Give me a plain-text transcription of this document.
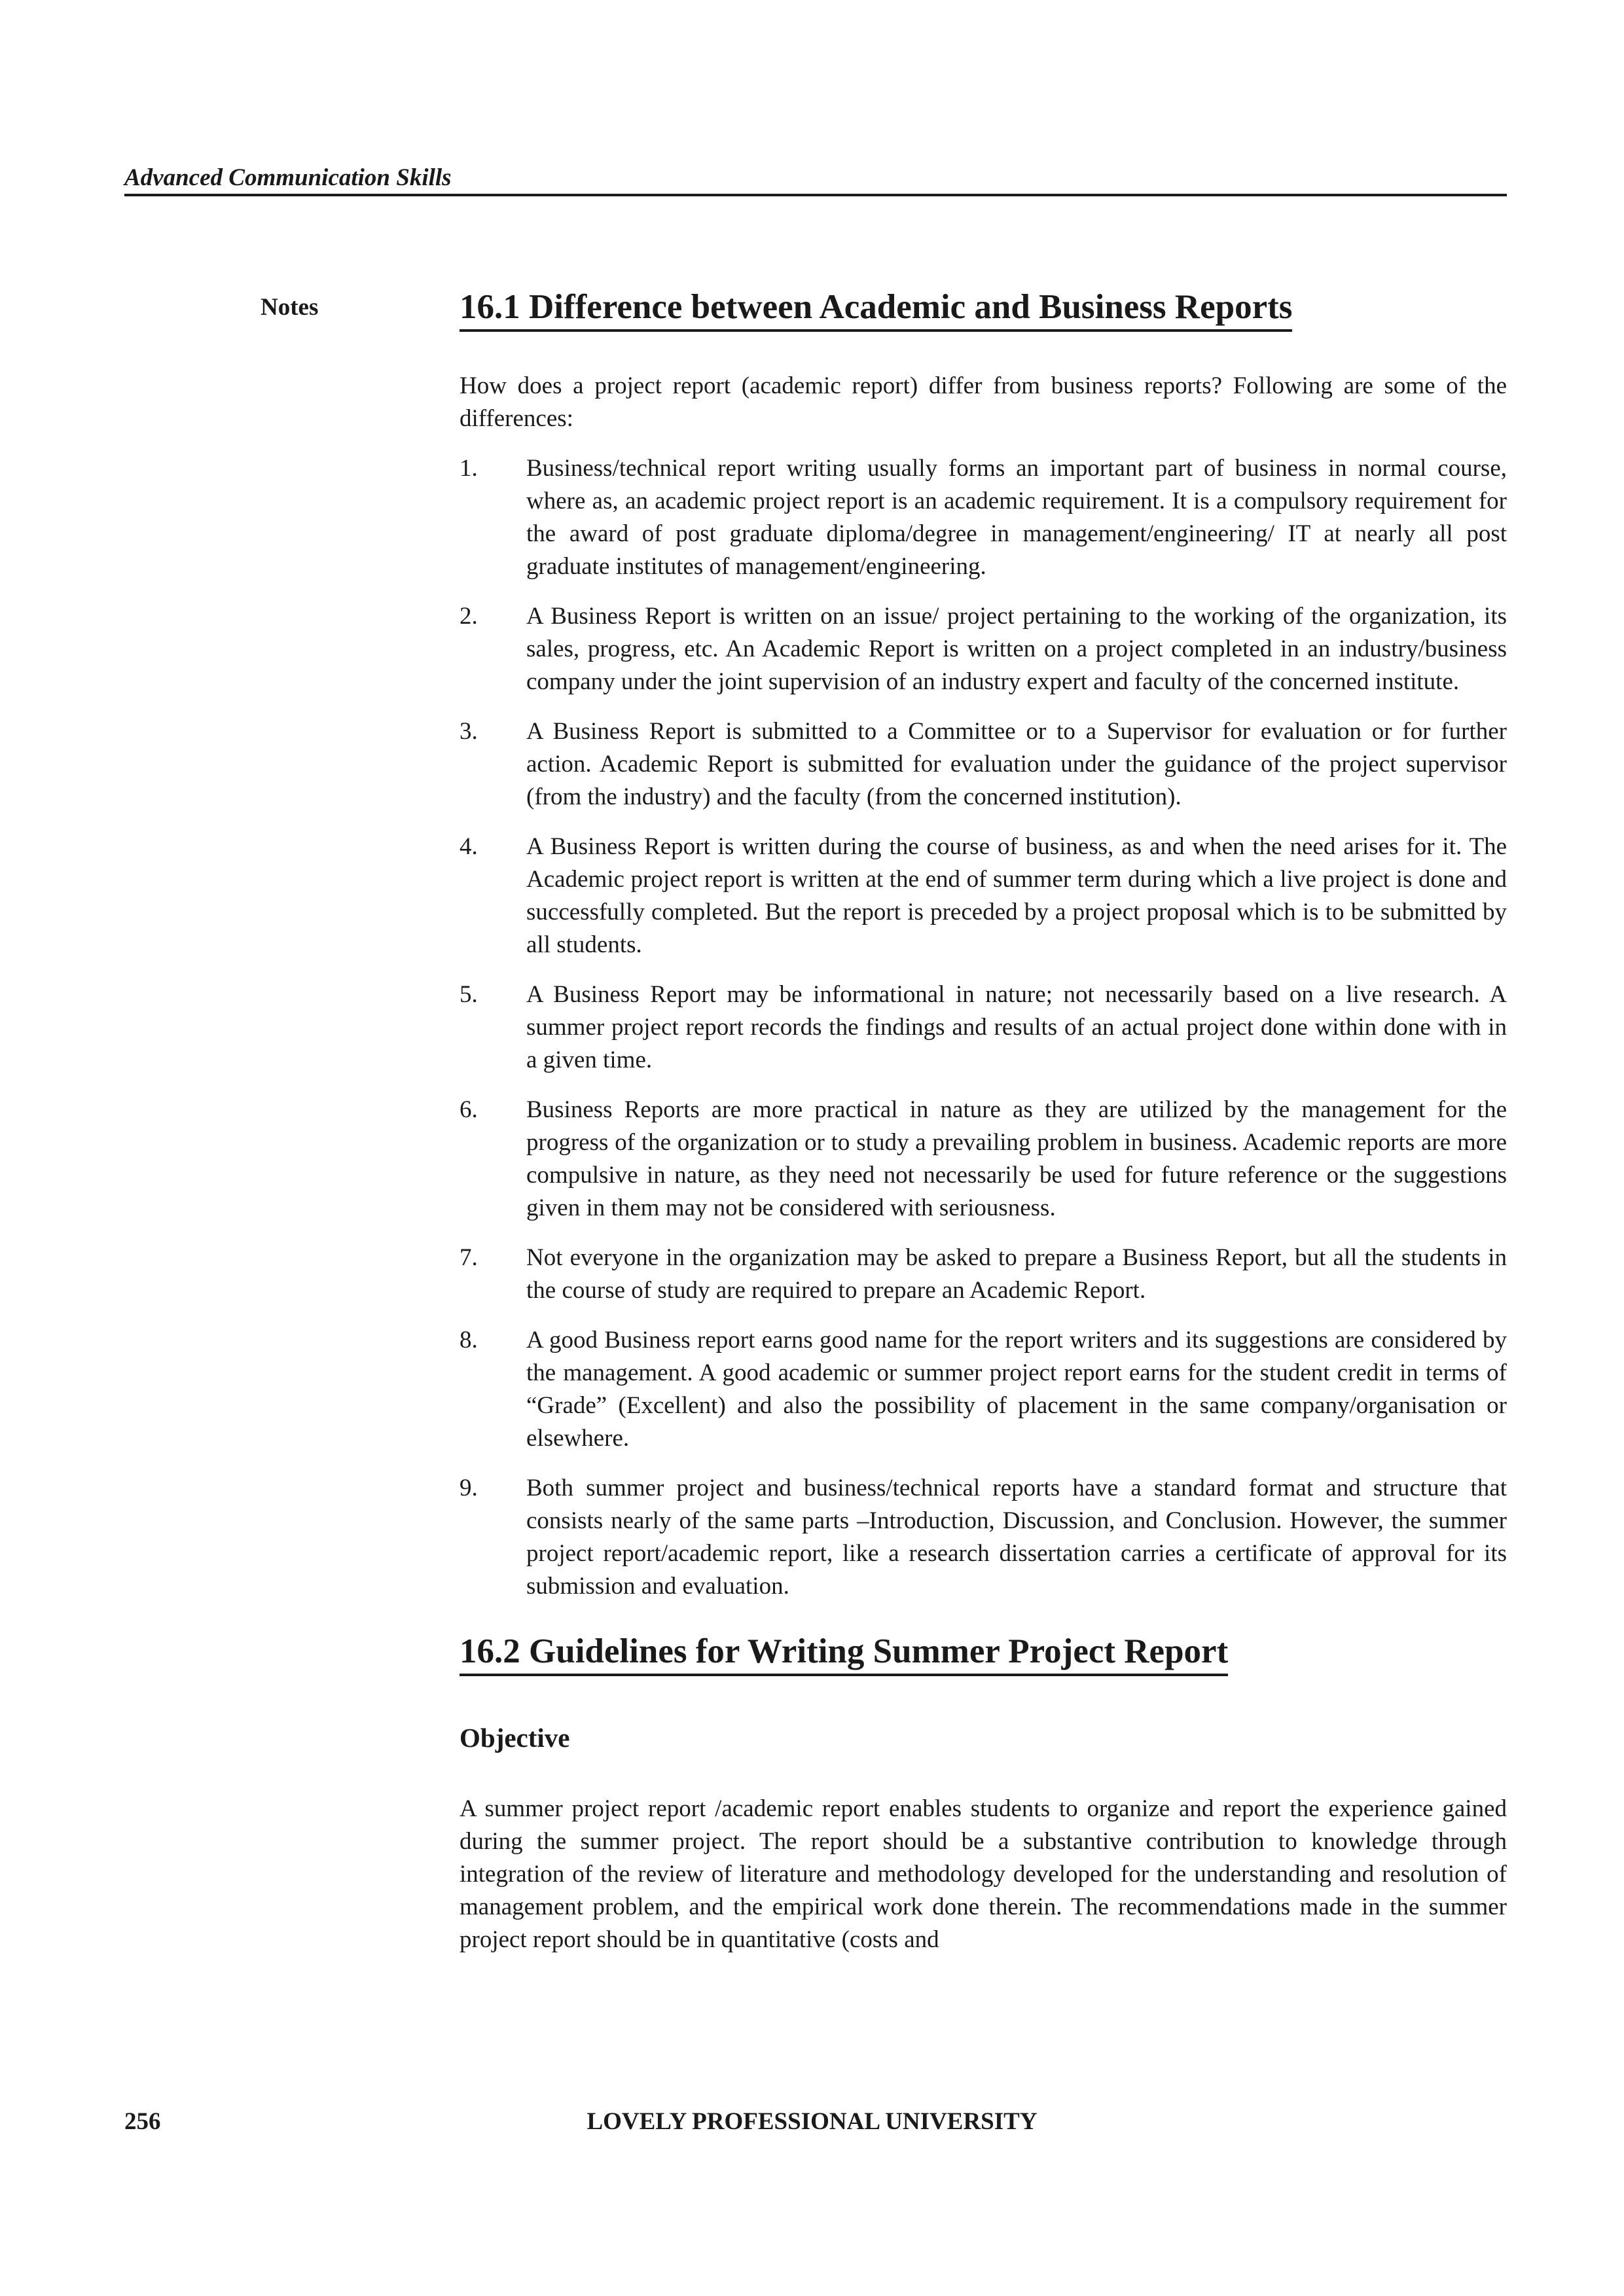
Advanced Communication Skills
Notes	16.1 Difference between Academic and Business Reports

How does a project report (academic report) differ from business reports? Following are some of the differences:

1. Business/technical report writing usually forms an important part of business in normal course, where as, an academic project report is an academic requirement. It is a compulsory requirement for the award of post graduate diploma/degree in management/engineering/ IT at nearly all post graduate institutes of management/engineering.
2. A Business Report is written on an issue/ project pertaining to the working of the organization, its sales, progress, etc. An Academic Report is written on a project completed in an industry/business company under the joint supervision of an industry expert and faculty of the concerned institute.
3. A Business Report is submitted to a Committee or to a Supervisor for evaluation or for further action. Academic Report is submitted for evaluation under the guidance of the project supervisor (from the industry) and the faculty (from the concerned institution).
4. A Business Report is written during the course of business, as and when the need arises for it. The Academic project report is written at the end of summer term during which a live project is done and successfully completed. But the report is preceded by a project proposal which is to be submitted by all students.
5. A Business Report may be informational in nature; not necessarily based on a live research. A summer project report records the findings and results of an actual project done within done with in a given time.
6. Business Reports are more practical in nature as they are utilized by the management for the progress of the organization or to study a prevailing problem in business. Academic reports are more compulsive in nature, as they need not necessarily be used for future reference or the suggestions given in them may not be considered with seriousness.
7. Not everyone in the organization may be asked to prepare a Business Report, but all the students in the course of study are required to prepare an Academic Report.
8. A good Business report earns good name for the report writers and its suggestions are considered by the management. A good academic or summer project report earns for the student credit in terms of “Grade” (Excellent) and also the possibility of placement in the same company/organisation or elsewhere.
9. Both summer project and business/technical reports have a standard format and structure that consists nearly of the same parts –Introduction, Discussion, and Conclusion. However, the summer project report/academic report, like a research dissertation carries a certificate of approval for its submission and evaluation.
16.2 Guidelines for Writing Summer Project Report
Objective

A summer project report /academic report enables students to organize and report the experience gained during the summer project. The report should be a substantive contribution to knowledge through integration of the review of literature and methodology developed for the understanding and resolution of management problem, and the empirical work done therein. The recommendations made in the summer project report should be in quantitative (costs and

LOVELY PROFESSIONAL UNIVERSITY
256
